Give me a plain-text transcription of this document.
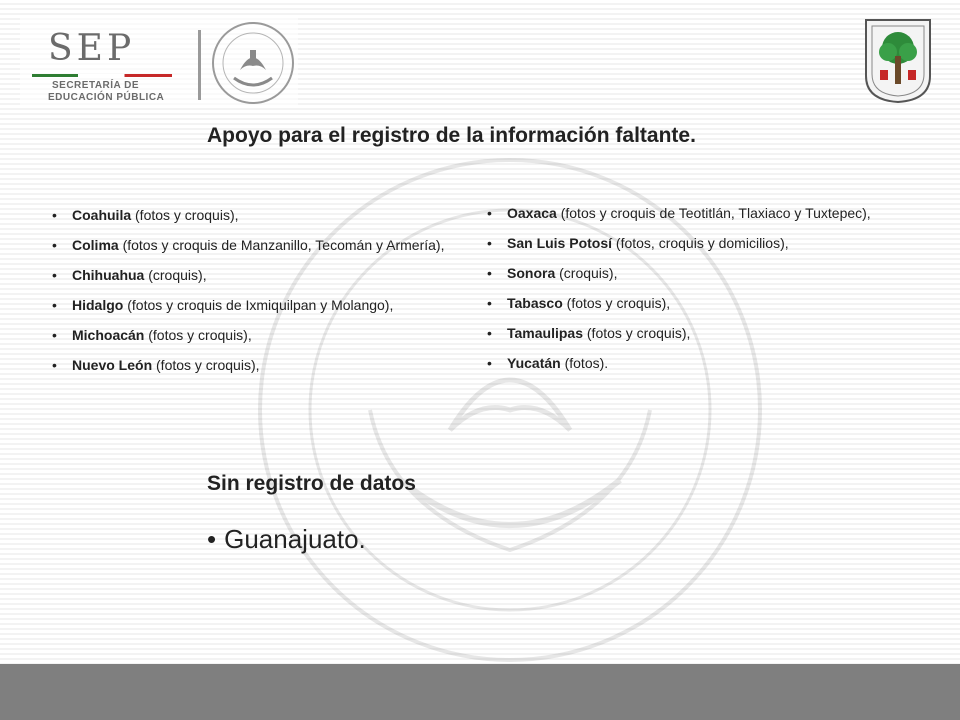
SEP
SECRETARÍA DE
EDUCACIÓN PÚBLICA
Apoyo para el registro de la información faltante.
• Coahuila (fotos y croquis),
• Colima (fotos y croquis de Manzanillo, Tecomán y Armería),
• Chihuahua (croquis),
• Hidalgo (fotos y croquis de Ixmiquilpan y Molango),
• Michoacán (fotos y croquis),
• Nuevo León (fotos y croquis),
• Oaxaca (fotos y croquis de Teotitlán, Tlaxiaco y Tuxtepec),
• San Luis Potosí (fotos, croquis y domicilios),
• Sonora (croquis),
• Tabasco (fotos y croquis),
• Tamaulipas (fotos y croquis),
• Yucatán (fotos).
Sin registro de datos
• Guanajuato.
